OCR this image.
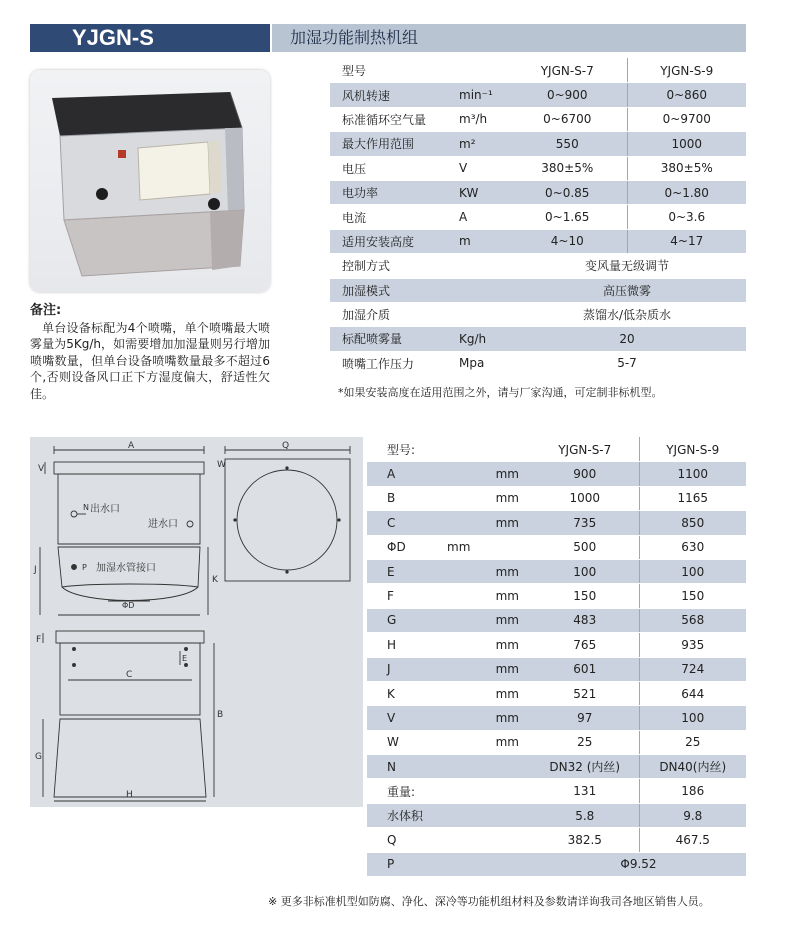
YJGN-S	加湿功能制热机组
备注:
单台设备标配为4个喷嘴，单个喷嘴最大喷雾量为5Kg/h，如需要增加加湿量则另行增加喷嘴数量，但单台设备喷嘴数量最多不超过6个,否则设备风口正下方湿度偏大，舒适性欠佳。
型号		YJGN-S-7	YJGN-S-9
风机转速	min⁻¹	0~900	0~860
标准循环空气量	m³/h	0~6700	0~9700
最大作用范围	m²	550	1000
电压	V	380±5%	380±5%
电功率	KW	0~0.85	0~1.80
电流	A	0~1.65	0~3.6
适用安装高度	m	4~10	4~17
控制方式		变风量无级调节	
加湿模式		高压微雾	
加湿介质		蒸馏水/低杂质水	
标配喷雾量	Kg/h	20	
喷嘴工作压力	Mpa	5-7	
*如果安装高度在适用范围之外，请与厂家沟通，可定制非标机型。
A
V	W
N 出水口
进水口
P 加湿水管接口
J
K
ΦD
Q
F
E
C
B
G
H
型号:		YJGN-S-7	YJGN-S-9
A	mm	900	1100
B	mm	1000	1165
C	mm	735	850
ΦD	mm	500	630
E	mm	100	100
F	mm	150	150
G	mm	483	568
H	mm	765	935
J	mm	601	724
K	mm	521	644
V	mm	97	100
W	mm	25	25
N		DN32 (内丝)	DN40(内丝)
重量:		131	186
水体积		5.8	9.8
Q		382.5	467.5
P		Φ9.52	
※ 更多非标准机型如防腐、净化、深冷等功能机组材料及参数请详询我司各地区销售人员。
